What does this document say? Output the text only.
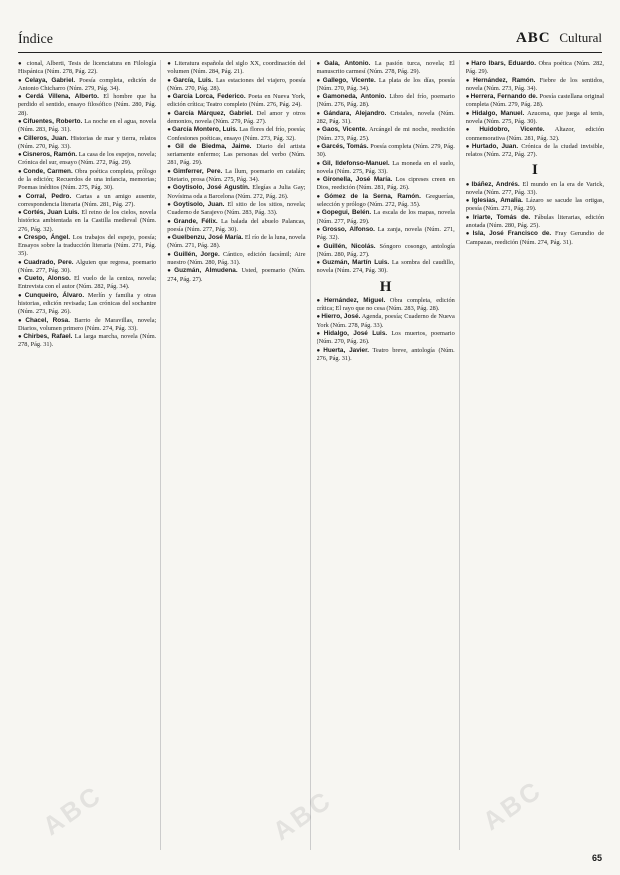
Índice	ABC Cultural

● cional, Alberti, Tesis de licenciatura en Filología Hispánica (Núm. 278, Pág. 22).

●Celaya, Gabriel. Poesía completa, edición de Antonio Chicharro (Núm. 279, Pág. 34).

●Cerdá Villena, Alberto. El hombre que ha perdido el sentido, ensayo filosófico (Núm. 280, Pág. 28).

●Cifuentes, Roberto. La noche en el agua, novela (Núm. 283, Pág. 31).

●Cilleros, Juan. Historias de mar y tierra, relatos (Núm. 270, Pág. 33).

●Cisneros, Ramón. La casa de los espejos, novela; Crónica del sur, ensayo (Núm. 272, Pág. 29).

●Conde, Carmen. Obra poética completa, prólogo de la edición; Recuerdos de una infancia, memorias; Poemas inéditos (Núm. 275, Pág. 30).

●Corral, Pedro. Cartas a un amigo ausente, correspondencia literaria (Núm. 281, Pág. 27).

●Cortés, Juan Luis. El reino de los cielos, novela histórica ambientada en la Castilla medieval (Núm. 276, Pág. 32).

●Crespo, Ángel. Los trabajos del espejo, poesía; Ensayos sobre la traducción literaria (Núm. 271, Pág. 35).

●Cuadrado, Pere. Alguien que regresa, poemario (Núm. 277, Pág. 30).

●Cueto, Alonso. El vuelo de la ceniza, novela; Entrevista con el autor (Núm. 282, Pág. 34).

●Cunqueiro, Álvaro. Merlín y familia y otras historias, edición revisada; Las crónicas del sochantre (Núm. 273, Pág. 26).

●Chacel, Rosa. Barrio de Maravillas, novela; Diarios, volumen primero (Núm. 274, Pág. 33).

●Chirbes, Rafael. La larga marcha, novela (Núm. 278, Pág. 31).

● Literatura española del siglo XX, coordinación del volumen (Núm. 284, Pág. 21).

●García, Luis. Las estaciones del viajero, poesía (Núm. 270, Pág. 28).

●García Lorca, Federico. Poeta en Nueva York, edición crítica; Teatro completo (Núm. 276, Pág. 24).

●García Márquez, Gabriel. Del amor y otros demonios, novela (Núm. 279, Pág. 27).

●García Montero, Luis. Las flores del frío, poesía; Confesiones poéticas, ensayo (Núm. 273, Pág. 32).

●Gil de Biedma, Jaime. Diario del artista seriamente enfermo; Las personas del verbo (Núm. 281, Pág. 29).

●Gimferrer, Pere. La llum, poemario en catalán; Dietario, prosa (Núm. 275, Pág. 34).

●Goytisolo, José Agustín. Elegías a Julia Gay; Novísima oda a Barcelona (Núm. 272, Pág. 26).

●Goytisolo, Juan. El sitio de los sitios, novela; Cuaderno de Sarajevo (Núm. 283, Pág. 33).

●Grande, Félix. La balada del abuelo Palancas, poesía (Núm. 277, Pág. 30).

●Guelbenzu, José María. El río de la luna, novela (Núm. 271, Pág. 28).

●Guillén, Jorge. Cántico, edición facsímil; Aire nuestro (Núm. 280, Pág. 31).

●Guzmán, Almudena. Usted, poemario (Núm. 274, Pág. 27).

●Gala, Antonio. La pasión turca, novela; El manuscrito carmesí (Núm. 278, Pág. 29).

●Gallego, Vicente. La plata de los días, poesía (Núm. 270, Pág. 34).

●Gamoneda, Antonio. Libro del frío, poemario (Núm. 276, Pág. 28).

●Gándara, Alejandro. Cristales, novela (Núm. 282, Pág. 31).

●Gaos, Vicente. Arcángel de mi noche, reedición (Núm. 273, Pág. 25).

●Garcés, Tomás. Poesía completa (Núm. 279, Pág. 30).

●Gil, Ildefonso-Manuel. La moneda en el suelo, novela (Núm. 275, Pág. 33).

●Gironella, José María. Los cipreses creen en Dios, reedición (Núm. 281, Pág. 26).

●Gómez de la Serna, Ramón. Greguerías, selección y prólogo (Núm. 272, Pág. 35).

●Gopegui, Belén. La escala de los mapas, novela (Núm. 277, Pág. 29).

●Grosso, Alfonso. La zanja, novela (Núm. 271, Pág. 32).

●Guillén, Nicolás. Sóngoro cosongo, antología (Núm. 280, Pág. 27).

●Guzmán, Martín Luis. La sombra del caudillo, novela (Núm. 274, Pág. 30).

H

●Hernández, Miguel. Obra completa, edición crítica; El rayo que no cesa (Núm. 283, Pág. 28).

●Hierro, José. Agenda, poesía; Cuaderno de Nueva York (Núm. 278, Pág. 33).

●Hidalgo, José Luis. Los muertos, poemario (Núm. 270, Pág. 26).

●Huerta, Javier. Teatro breve, antología (Núm. 276, Pág. 31).

●Haro Ibars, Eduardo. Obra poética (Núm. 282, Pág. 29).

●Hernández, Ramón. Fiebre de los sentidos, novela (Núm. 273, Pág. 34).

●Herrera, Fernando de. Poesía castellana original completa (Núm. 279, Pág. 28).

●Hidalgo, Manuel. Azucena, que juega al tenis, novela (Núm. 275, Pág. 30).

●Huidobro, Vicente. Altazor, edición conmemorativa (Núm. 281, Pág. 32).

●Hurtado, Juan. Crónica de la ciudad invisible, relatos (Núm. 272, Pág. 27).

I

●Ibáñez, Andrés. El mundo en la era de Varick, novela (Núm. 277, Pág. 33).

●Iglesias, Amalia. Lázaro se sacude las ortigas, poesía (Núm. 271, Pág. 29).

●Iriarte, Tomás de. Fábulas literarias, edición anotada (Núm. 280, Pág. 25).

●Isla, José Francisco de. Fray Gerundio de Campazas, reedición (Núm. 274, Pág. 31).

ABC	ABC	ABC
65
